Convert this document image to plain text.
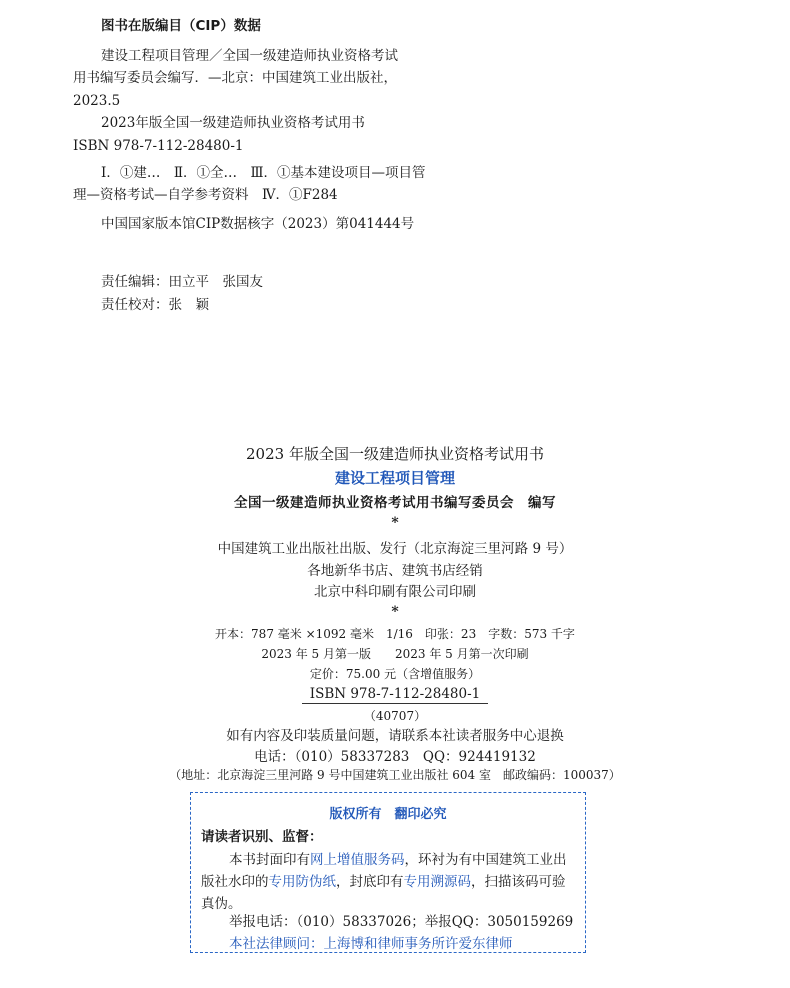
图书在版编目（CIP）数据
建设工程项目管理／全国一级建造师执业资格考试
用书编写委员会编写．—北京：中国建筑工业出版社，
2023.5
2023年版全国一级建造师执业资格考试用书
ISBN 978-7-112-28480-1
Ⅰ．①建…　Ⅱ．①全…　Ⅲ．①基本建设项目—项目管
理—资格考试—自学参考资料　Ⅳ．①F284
中国国家版本馆CIP数据核字（2023）第041444号
责任编辑：田立平　张国友
责任校对：张　颖
2023 年版全国一级建造师执业资格考试用书
建设工程项目管理
全国一级建造师执业资格考试用书编写委员会　编写
*
中国建筑工业出版社出版、发行（北京海淀三里河路 9 号）
各地新华书店、建筑书店经销
北京中科印刷有限公司印刷
*
开本：787 毫米 ×1092 毫米　1/16　印张：23　字数：573 千字
2023 年 5 月第一版　　2023 年 5 月第一次印刷
定价：75.00 元（含增值服务）
ISBN 978-7-112-28480-1
（40707）
如有内容及印装质量问题，请联系本社读者服务中心退换
电话：（010）58337283　QQ：924419132
（地址：北京海淀三里河路 9 号中国建筑工业出版社 604 室　邮政编码：100037）
版权所有　翻印必究
请读者识别、监督：
本书封面印有网上增值服务码，环衬为有中国建筑工业出
版社水印的专用防伪纸，封底印有专用溯源码，扫描该码可验
真伪。
举报电话：（010）58337026；举报QQ：3050159269
本社法律顾问：上海博和律师事务所许爱东律师
